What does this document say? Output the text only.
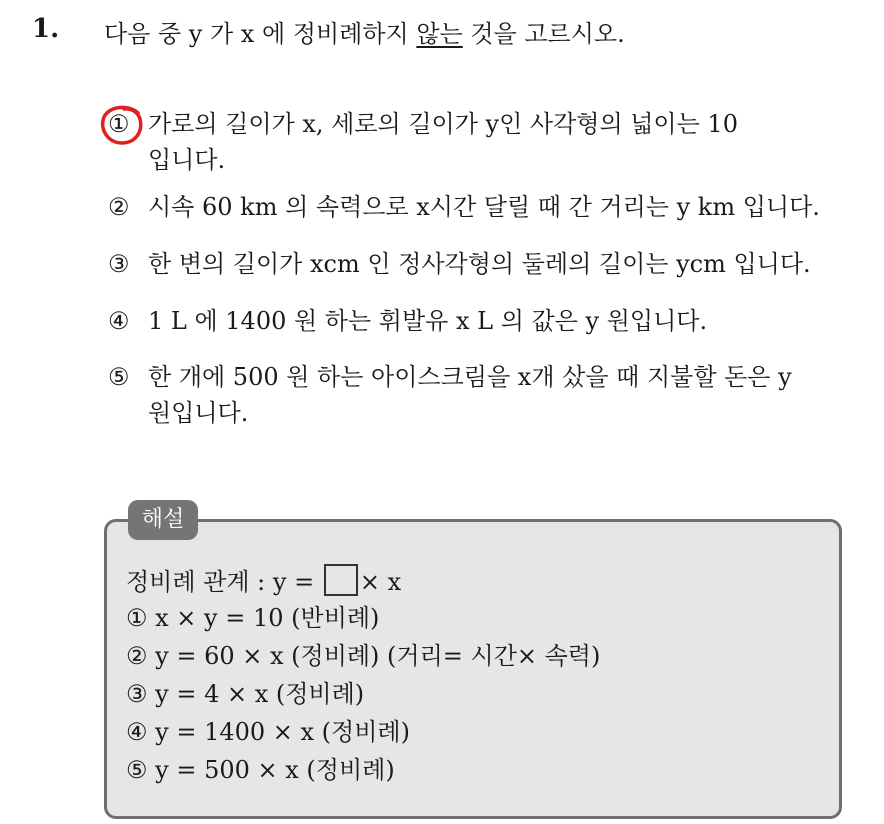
1. 다음 중 y 가 x 에 정비례하지 않는 것을 고르시오.
① 가로의 길이가 x, 세로의 길이가 y인 사각형의 넓이는 10
입니다.
② 시속 60 km 의 속력으로 x시간 달릴 때 간 거리는 y km 입니다.
③ 한 변의 길이가 xcm 인 정사각형의 둘레의 길이는 ycm 입니다.
④ 1 L 에 1400 원 하는 휘발유 x L 의 값은 y 원입니다.
⑤ 한 개에 500 원 하는 아이스크림을 x개 샀을 때 지불할 돈은 y
원입니다.
해설
정비례 관계 : y = × x
① x × y = 10 (반비례)
② y = 60 × x (정비례) (거리= 시간× 속력)
③ y = 4 × x (정비례)
④ y = 1400 × x (정비례)
⑤ y = 500 × x (정비례)
